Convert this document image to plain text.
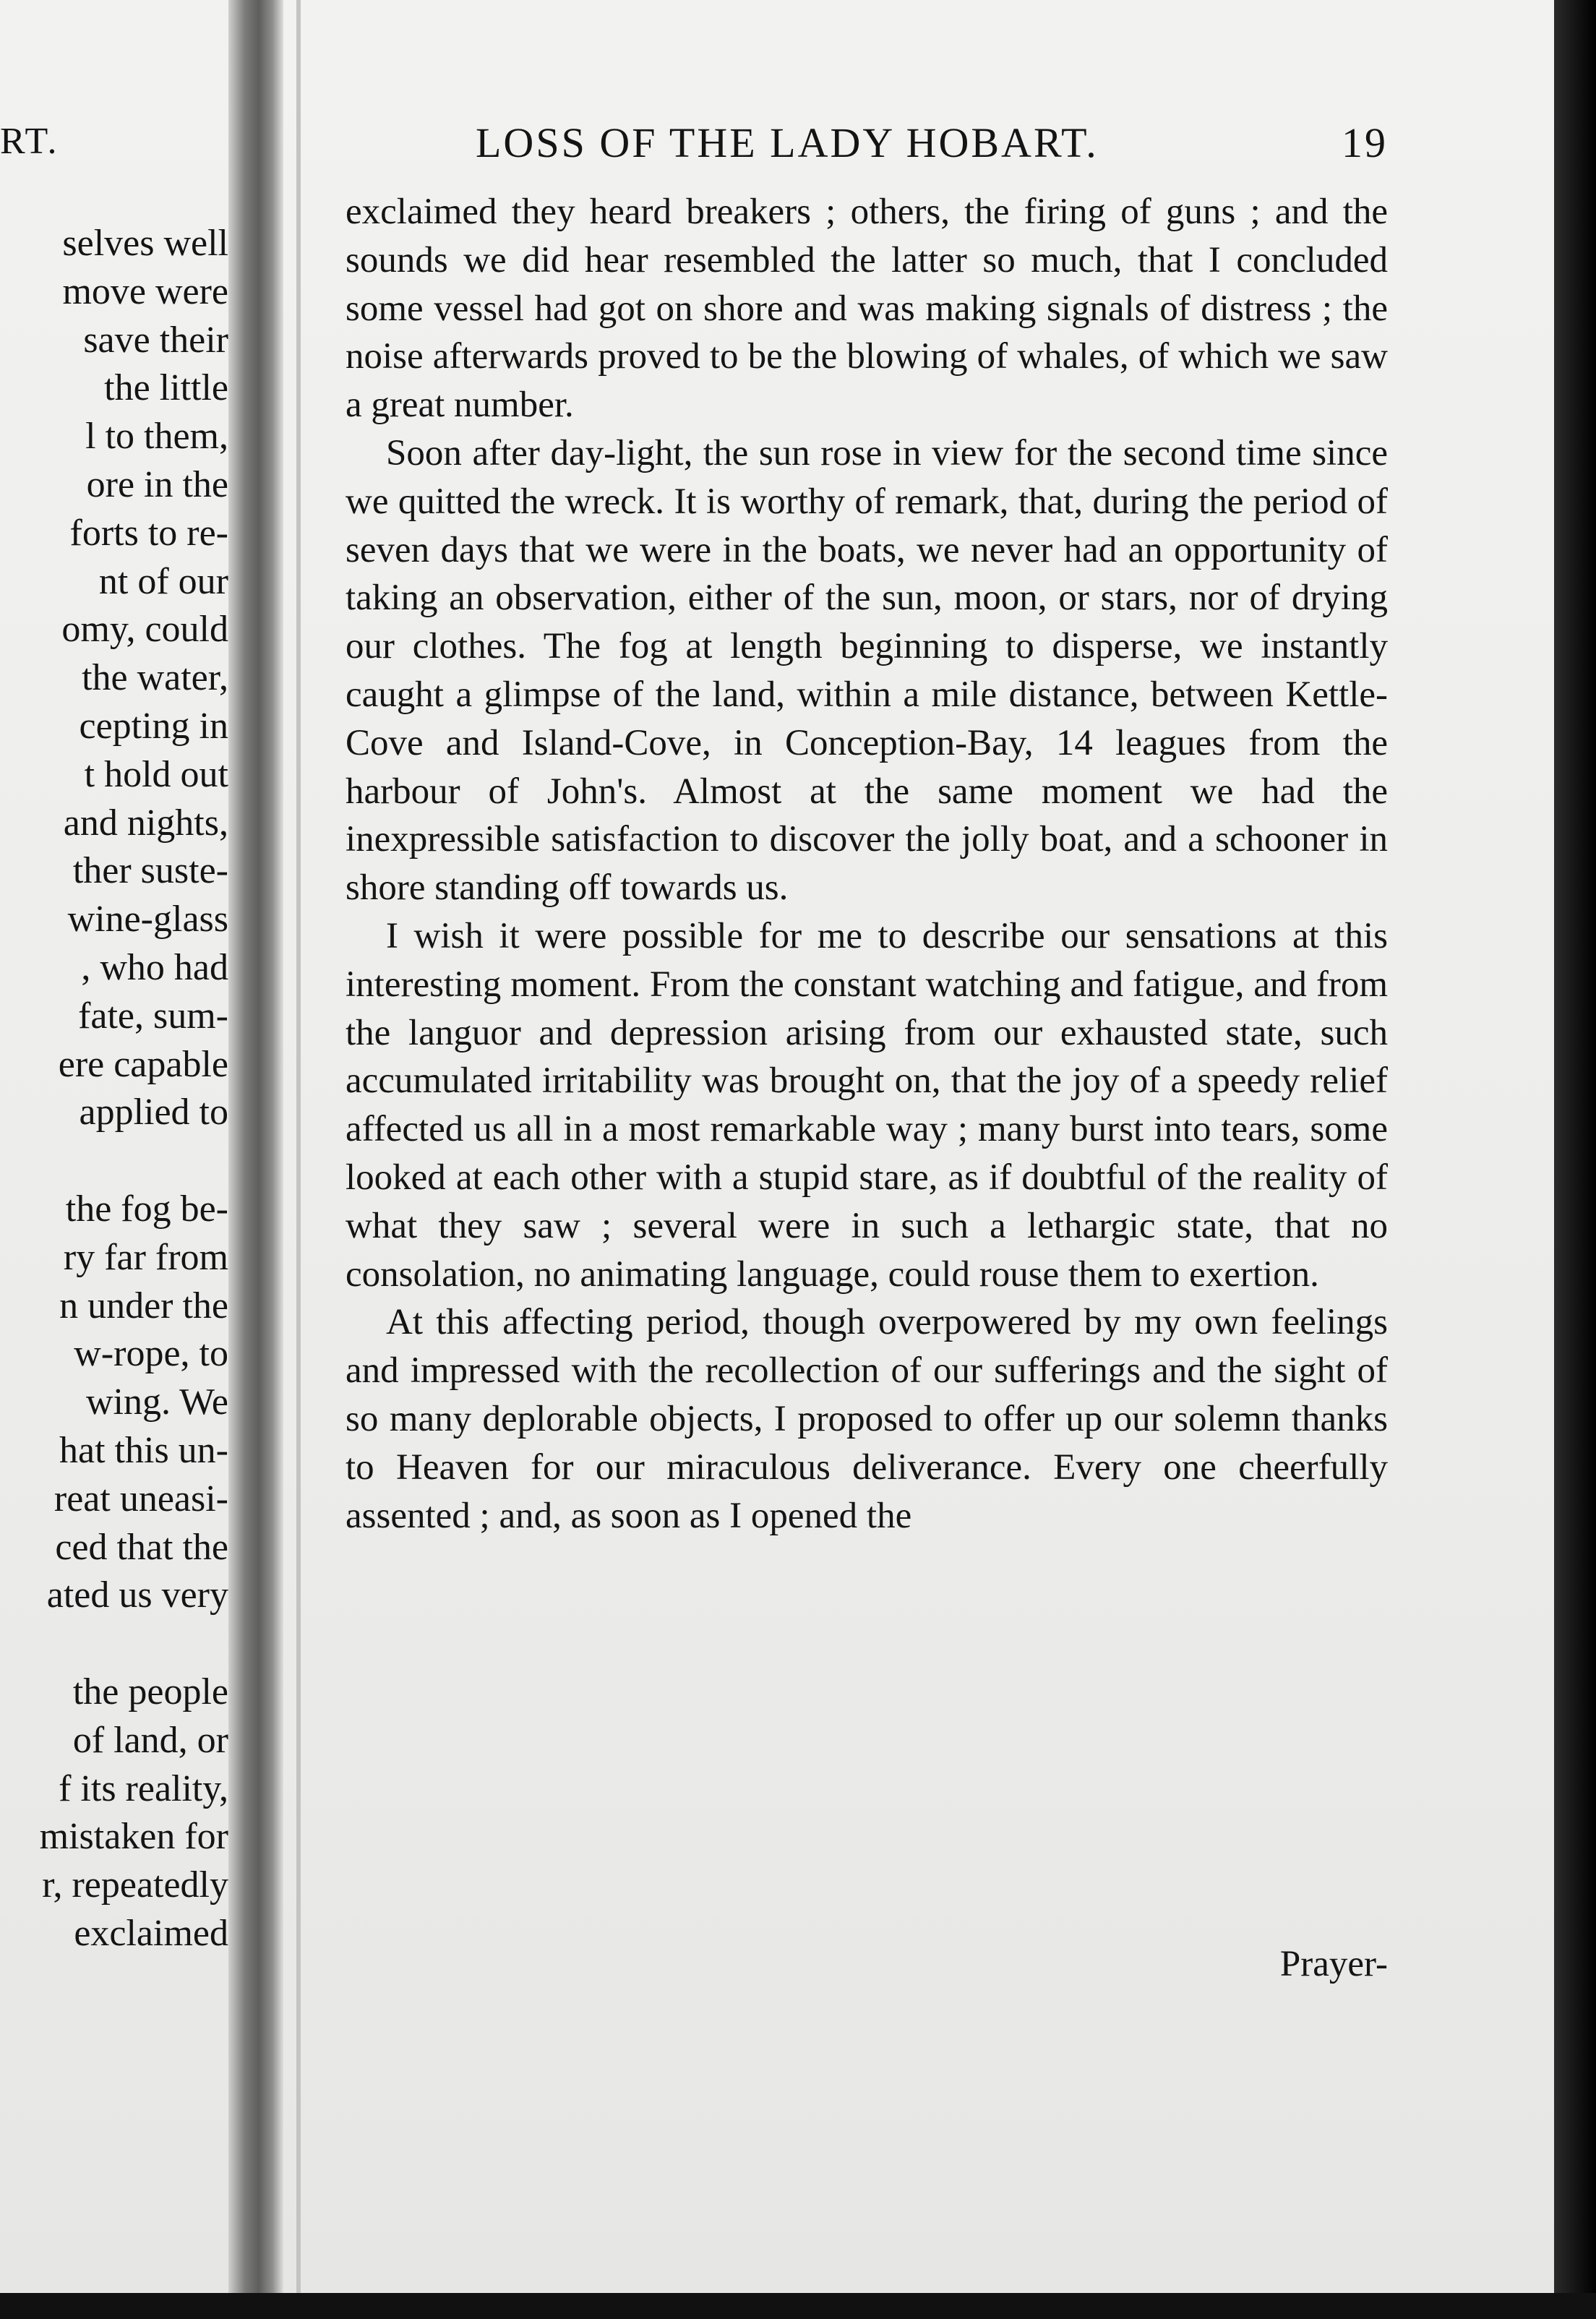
RT.
selves well
move were
save their
the little
l to them,
ore in the
forts to re-
nt of our
omy, could
the water,
cepting in
t hold out
and nights,
ther suste-
wine-glass
, who had
fate, sum-
ere capable
applied to
the fog be-
ry far from
n under the
w-rope, to
wing. We
hat this un-
reat uneasi-
ced that the
ated us very
the people
of land, or
f its reality,
mistaken for
r, repeatedly
exclaimed
LOSS OF THE LADY HOBART.	19

exclaimed they heard breakers ; others, the firing of guns ; and the sounds we did hear resembled the latter so much, that I concluded some vessel had got on shore and was making signals of distress ; the noise afterwards proved to be the blowing of whales, of which we saw a great number.

Soon after day-light, the sun rose in view for the second time since we quitted the wreck. It is worthy of remark, that, during the period of seven days that we were in the boats, we never had an opportunity of taking an observation, either of the sun, moon, or stars, nor of drying our clothes. The fog at length beginning to disperse, we instantly caught a glimpse of the land, within a mile distance, between Kettle-Cove and Island-Cove, in Conception-Bay, 14 leagues from the harbour of John's. Almost at the same moment we had the inexpressible satisfaction to discover the jolly boat, and a schooner in shore standing off towards us.

I wish it were possible for me to describe our sensations at this interesting moment. From the constant watching and fatigue, and from the languor and depression arising from our exhausted state, such accumulated irritability was brought on, that the joy of a speedy relief affected us all in a most remarkable way ; many burst into tears, some looked at each other with a stupid stare, as if doubtful of the reality of what they saw ; several were in such a lethargic state, that no consolation, no animating language, could rouse them to exertion.

At this affecting period, though overpowered by my own feelings and impressed with the recollection of our sufferings and the sight of so many deplorable objects, I proposed to offer up our solemn thanks to Heaven for our miraculous deliverance. Every one cheerfully assented ; and, as soon as I opened the

Prayer-
